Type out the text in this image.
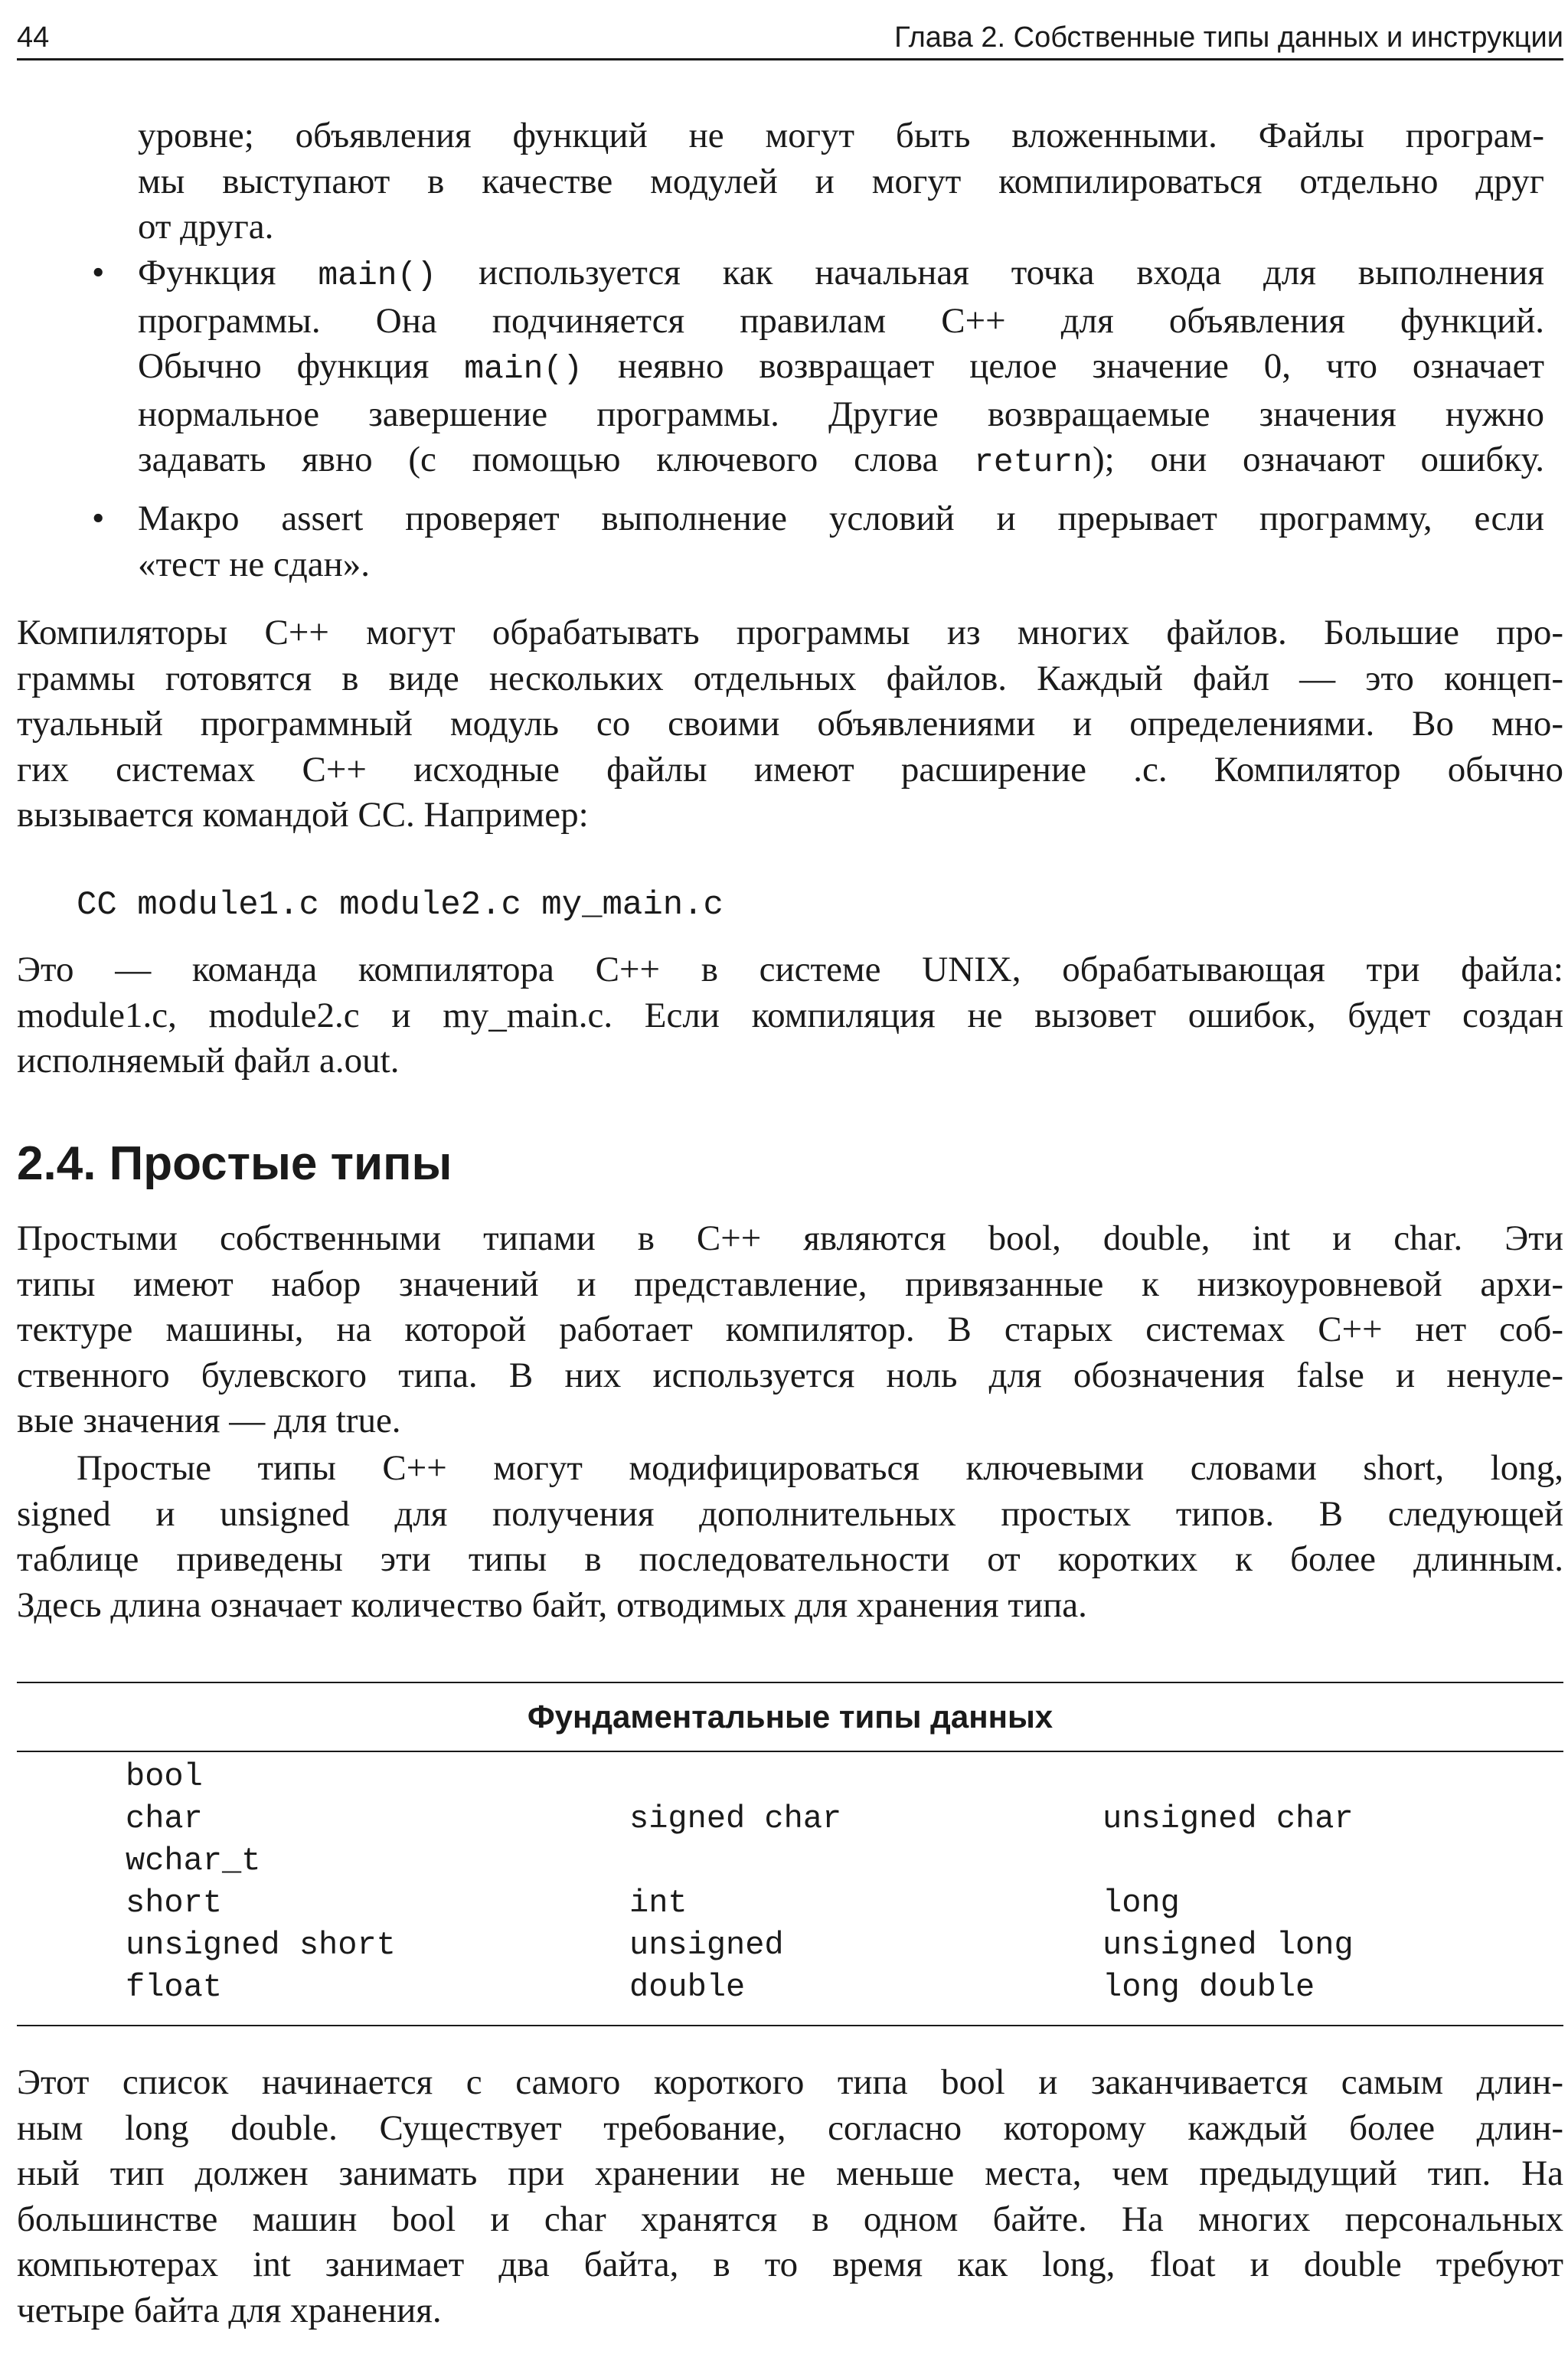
44	Глава 2. Собственные типы данных и инструкции
уровне; объявления функций не могут быть вложенными. Файлы програм-
мы выступают в качестве модулей и могут компилироваться отдельно друг
от друга.
• Функция main() используется как начальная точка входа для выполнения
программы. Она подчиняется правилам C++ для объявления функций.
Обычно функция main() неявно возвращает целое значение 0, что означает
нормальное завершение программы. Другие возвращаемые значения нужно
задавать явно (с помощью ключевого слова return); они означают ошибку.
• Макро assert проверяет выполнение условий и прерывает программу, если
«тест не сдан».
Компиляторы C++ могут обрабатывать программы из многих файлов. Большие про-
граммы готовятся в виде нескольких отдельных файлов. Каждый файл — это концеп-
туальный программный модуль со своими объявлениями и определениями. Во мно-
гих системах C++ исходные файлы имеют расширение .c. Компилятор обычно
вызывается командой CC. Например:
CC module1.c module2.c my_main.c
Это — команда компилятора C++ в системе UNIX, обрабатывающая три файла:
module1.c, module2.c и my_main.c. Если компиляция не вызовет ошибок, будет создан
исполняемый файл a.out.
2.4. Простые типы
Простыми собственными типами в C++ являются bool, double, int и char. Эти
типы имеют набор значений и представление, привязанные к низкоуровневой архи-
тектуре машины, на которой работает компилятор. В старых системах C++ нет соб-
ственного булевского типа. В них используется ноль для обозначения false и ненуле-
вые значения — для true.
Простые типы C++ могут модифицироваться ключевыми словами short, long,
signed и unsigned для получения дополнительных простых типов. В следующей
таблице приведены эти типы в последовательности от коротких к более длинным.
Здесь длина означает количество байт, отводимых для хранения типа.
Фундаментальные типы данных
bool
char	signed char	unsigned char
wchar_t
short	int	long
unsigned short	unsigned	unsigned long
float	double	long double
Этот список начинается с самого короткого типа bool и заканчивается самым длин-
ным long double. Существует требование, согласно которому каждый более длин-
ный тип должен занимать при хранении не меньше места, чем предыдущий тип. На
большинстве машин bool и char хранятся в одном байте. На многих персональных
компьютерах int занимает два байта, в то время как long, float и double требуют
четыре байта для хранения.
